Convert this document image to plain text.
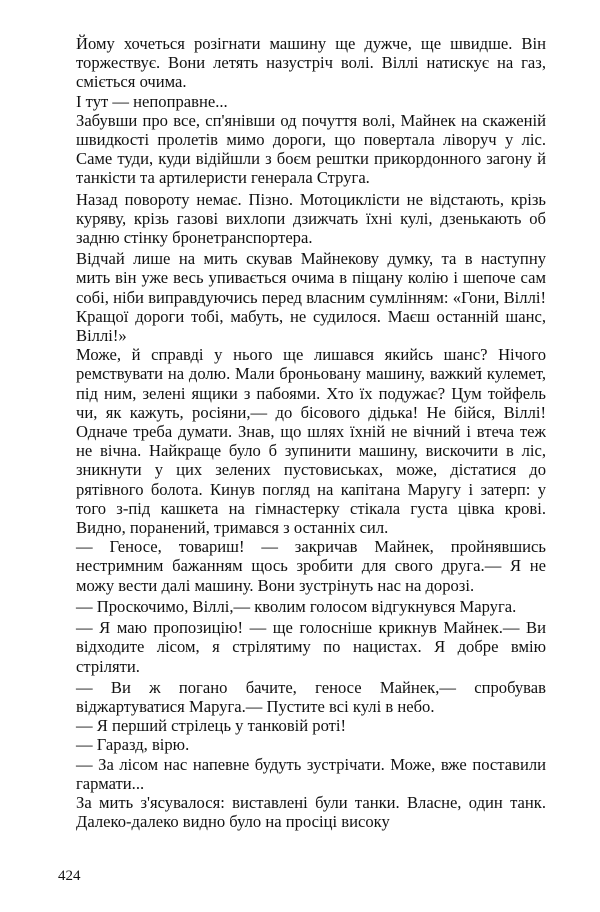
Йому хочеться розігнати машину ще дужче, ще швидше. Він торжествує. Вони летять назустріч волі. Віллі натискує на газ, сміється очима.

І тут — непоправне...

Забувши про все, сп'янівши од почуття волі, Майнек на скаженій швидкості пролетів мимо дороги, що повертала ліворуч у ліс. Саме туди, куди відійшли з боєм рештки прикордонного загону й танкісти та артилеристи генерала Струга.

Назад повороту немає. Пізно. Мотоциклісти не відстають, крізь куряву, крізь газові вихлопи дзижчать їхні кулі, дзенькають об задню стінку бронетранспортера.

Відчай лише на мить скував Майнекову думку, та в наступну мить він уже весь упивається очима в піщану колію і шепоче сам собі, ніби виправдуючись перед власним сумлінням: «Гони, Віллі! Кращої дороги тобі, мабуть, не судилося. Маєш останній шанс, Віллі!»

Може, й справді у нього ще лишався якийсь шанс? Нічого ремствувати на долю. Мали броньовану машину, важкий кулемет, під ним, зелені ящики з пабоями. Хто їх подужає? Цум тойфель чи, як кажуть, росіяни,— до бісового дідька! Не бійся, Віллі! Одначе треба думати. Знав, що шлях їхній не вічний і втеча теж не вічна. Найкраще було б зупинити машину, вискочити в ліс, зникнути у цих зелених пустовиськах, може, дістатися до рятівного болота. Кинув погляд на капітана Маругу і затерп: у того з-під кашкета на гімнастерку стікала густа цівка крові. Видно, поранений, тримався з останніх сил.

— Геносе, товариш! — закричав Майнек, пройнявшись нестримним бажанням щось зробити для свого друга.— Я не можу вести далі машину. Вони зустрінуть нас на дорозі.

— Проскочимо, Віллі,— кволим голосом відгукнувся Маруга.

— Я маю пропозицію! — ще голосніше крикнув Майнек.— Ви відходите лісом, я стрілятиму по нацистах. Я добре вмію стріляти.

— Ви ж погано бачите, геносе Майнек,— спробував віджартуватися Маруга.— Пустите всі кулі в небо.

— Я перший стрілець у танковій роті!

— Гаразд, вірю.

— За лісом нас напевне будуть зустрічати. Може, вже поставили гармати...

За мить з'ясувалося: виставлені були танки. Власне, один танк. Далеко-далеко видно було на просіці високу

424
